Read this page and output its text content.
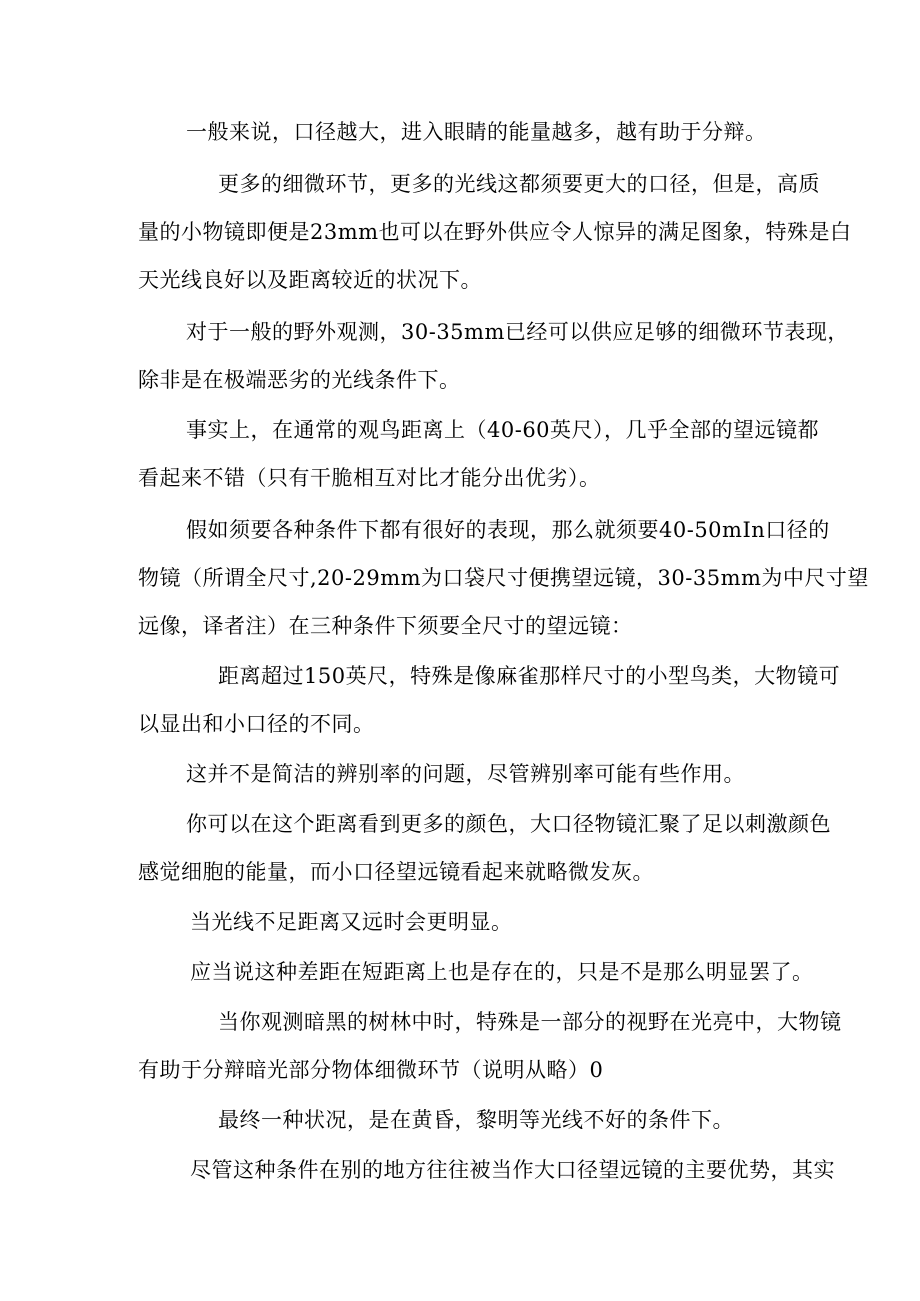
一般来说，口径越大，进入眼睛的能量越多，越有助于分辩。
更多的细微环节，更多的光线这都须要更大的口径，但是，高质
量的小物镜即便是23mm也可以在野外供应令人惊异的满足图象，特殊是白
天光线良好以及距离较近的状况下。
对于一般的野外观测，30-35mm已经可以供应足够的细微环节表现，
除非是在极端恶劣的光线条件下。
事实上，在通常的观鸟距离上（40-60英尺），几乎全部的望远镜都
看起来不错（只有干脆相互对比才能分出优劣）。
假如须要各种条件下都有很好的表现，那么就须要40-50mIn口径的
物镜（所谓全尺寸,20-29mm为口袋尺寸便携望远镜，30-35mm为中尺寸望
远像，译者注）在三种条件下须要全尺寸的望远镜：
距离超过150英尺，特殊是像麻雀那样尺寸的小型鸟类，大物镜可
以显出和小口径的不同。
这并不是简洁的辨别率的问题，尽管辨别率可能有些作用。
你可以在这个距离看到更多的颜色，大口径物镜汇聚了足以刺激颜色
感觉细胞的能量，而小口径望远镜看起来就略微发灰。
当光线不足距离又远时会更明显。
应当说这种差距在短距离上也是存在的，只是不是那么明显罢了。
当你观测暗黑的树林中时，特殊是一部分的视野在光亮中，大物镜
有助于分辩暗光部分物体细微环节（说明从略）0
最终一种状况，是在黄昏，黎明等光线不好的条件下。
尽管这种条件在别的地方往往被当作大口径望远镜的主要优势，其实
